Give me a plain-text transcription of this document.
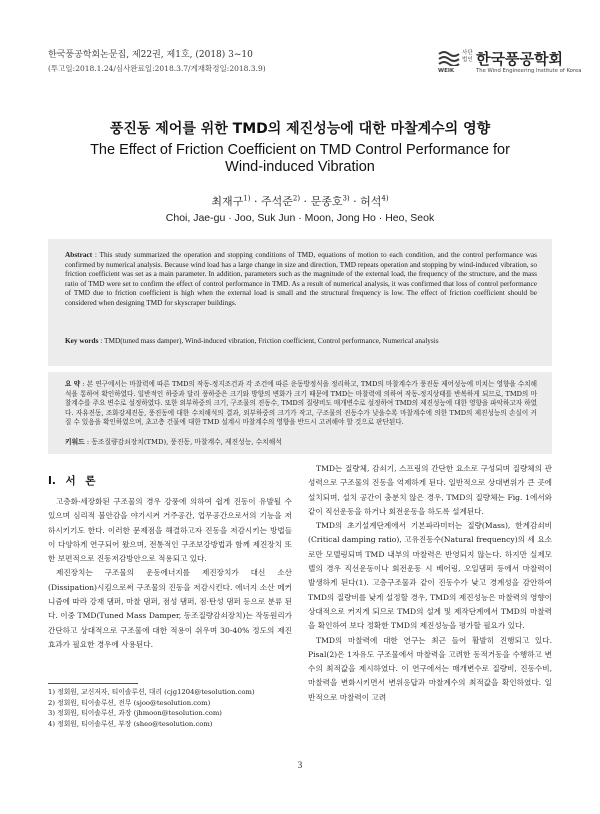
한국풍공학회논문집, 제22권, 제1호, (2018) 3~10
(투고일:2018.1.24/심사완료일:2018.3.7/게재확정일:2018.3.9)	WEIK
사단 법인 한국풍공학회
The Wind Engineering Institute of Korea
풍진동 제어를 위한 TMD의 제진성능에 대한 마찰계수의 영향
The Effect of Friction Coefficient on TMD Control Performance for Wind-induced Vibration
최재구$^{1)}$ · 주석준$^{2)}$ · 문종호$^{3)}$ · 허석$^{4)}$
Choi, Jae-gu · Joo, Suk Jun · Moon, Jong Ho · Heo, Seok
Abstract : This study summarized the operation and stopping conditions of TMD, equations of motion to each condition, and the control performance was confirmed by numerical analysis. Because wind load has a large change in size and direction, TMD repeats operation and stopping by wind-induced vibration, so friction coefficient was set as a main parameter. In addition, parameters such as the magnitude of the external load, the frequency of the structure, and the mass ratio of TMD were set to confirm the effect of control performance in TMD. As a result of numerical analysis, it was confirmed that loss of control performance of TMD due to friction coefficient is high when the external load is small and the structural frequency is low. The effect of friction coefficient should be considered when designing TMD for skyscraper buildings.
Key words : TMD(tuned mass damper), Wind-induced vibration, Friction coefficient, Control performance, Numerical analysis
요 약 : 본 연구에서는 마찰력에 따른 TMD의 작동-정지조건과 각 조건에 따른 운동방정식을 정리하고, TMD의 마찰계수가 풍진동 제어성능에 미치는 영향을 수치해석을 통하여 확인하였다. 일반적인 하중과 달리 풍하중은 크기와 방향의 변화가 크기 때문에 TMD는 마찰력에 의하여 작동-정지상태를 반복하게 되므로, TMD의 마찰계수를 주요 변수로 설정하였다. 또한 외부하중의 크기, 구조물의 진동수, TMD의 질량비도 매개변수로 설정하여 TMD의 제진성능에 대한 영향을 파악하고자 하였다. 자유진동, 조화강제진동, 풍진동에 대한 수치해석의 결과, 외부하중의 크기가 작고, 구조물의 진동수가 낮을수록 마찰계수에 의한 TMD의 제진성능의 손실이 커질 수 있음을 확인하였으며, 초고층 건물에 대한 TMD 설계시 마찰계수의 영향을 반드시 고려해야 할 것으로 판단된다.
키워드 : 동조질량감쇠장치(TMD), 풍진동, 마찰계수, 제진성능, 수치해석
I. 서 론

고층화·세장화된 구조물의 경우 강풍에 의하여 쉽게 진동이 유발될 수 있으며 심리적 불안감을 야기시켜 거주공간, 업무공간으로서의 기능을 저하시키기도 한다. 이러한 문제점을 해결하고자 진동을 저감시키는 방법들이 다양하게 연구되어 왔으며, 전통적인 구조보강방법과 함께 제진장치 또한 보편적으로 진동저감방안으로 적용되고 있다.

제진장치는 구조물의 운동에너지를 제진장치가 대신 소산(Dissipation)시킴으로써 구조물의 진동을 저감시킨다. 에너지 소산 메커니즘에 따라 강재 댐퍼, 마찰 댐퍼, 점성 댐퍼, 점·탄성 댐퍼 등으로 분류 된다. 이중 TMD(Tuned Mass Damper, 동조질량감쇠장치)는 작동원리가 간단하고 상대적으로 구조물에 대한 적용이 쉬우며 30-40% 정도의 제진효과가 필요한 경우에 사용된다.

TMD는 질량체, 감쇠기, 스프링의 간단한 요소로 구성되며 질량체의 관성력으로 구조물의 진동을 억제하게 된다. 일반적으로 상대변위가 큰 곳에 설치되며, 설치 공간이 충분치 않은 경우, TMD의 질량체는 Fig. 1에서와 같이 직선운동을 하거나 회전운동을 하도록 설계된다.

TMD의 초기설계단계에서 기본파라미터는 질량(Mass), 한계감쇠비(Critical damping ratio), 고유진동수(Natural frequency)의 세 요소로만 모델링되며 TMD 내부의 마찰력은 반영되지 않는다. 하지만 실제모델의 경우 직선운동이나 회전운동 시 베어링, 오일댐퍼 등에서 마찰력이 발생하게 된다(1). 고층구조물과 같이 진동수가 낮고 경계성을 감안하여 TMD의 질량비를 낮게 설정할 경우, TMD의 제진성능은 마찰력의 영향이 상대적으로 커지게 되므로 TMD의 설계 및 제작단계에서 TMD의 마찰력을 확인하여 보다 정확한 TMD의 제진성능을 평가할 필요가 있다.

TMD의 마찰력에 대한 연구는 최근 들어 활발히 진행되고 있다. Pisal(2)은 1자유도 구조물에서 마찰력을 고려한 동적거동을 수행하고 변수의 최적값을 제시하였다. 이 연구에서는 매개변수로 질량비, 진동수비, 마찰력을 변화시키면서 변위응답과 마찰계수의 최적값을 확인하였다. 일반적으로 마찰력이 고려

1) 정회원, 교신저자, 티이솔루션, 대리 (cjg1204@tesolution.com)
2) 정회원, 티이솔루션, 전무 (sjoo@tesolution.com)
3) 정회원, 티이솔루션, 과장 (jhmoon@tesolution.com)
4) 정회원, 티이솔루션, 부장 (sheo@tesolution.com)
3
